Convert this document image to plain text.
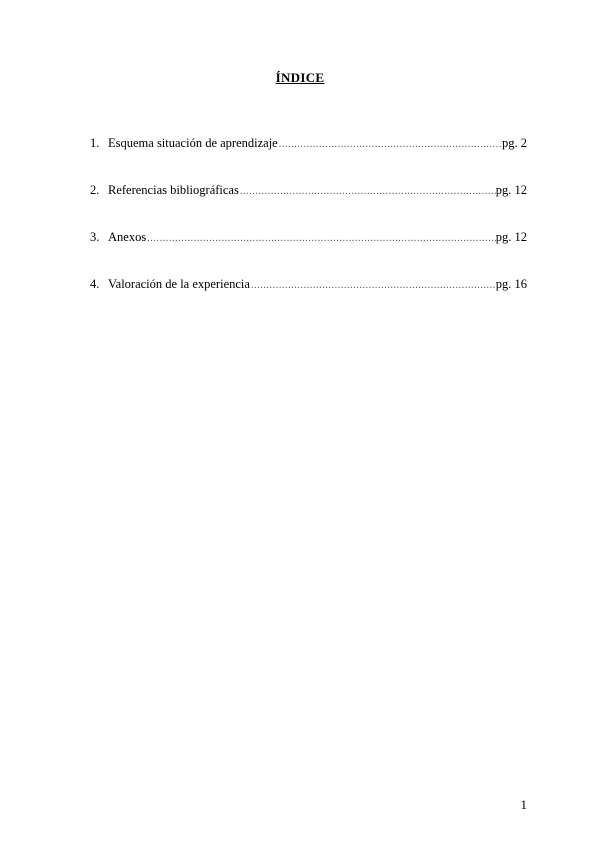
ÍNDICE
1. Esquema situación de aprendizaje .....	pg. 2
2. Referencias bibliográficas .....	pg. 12
3. Anexos .....	pg. 12
4. Valoración de la experiencia .....	pg. 16
1
